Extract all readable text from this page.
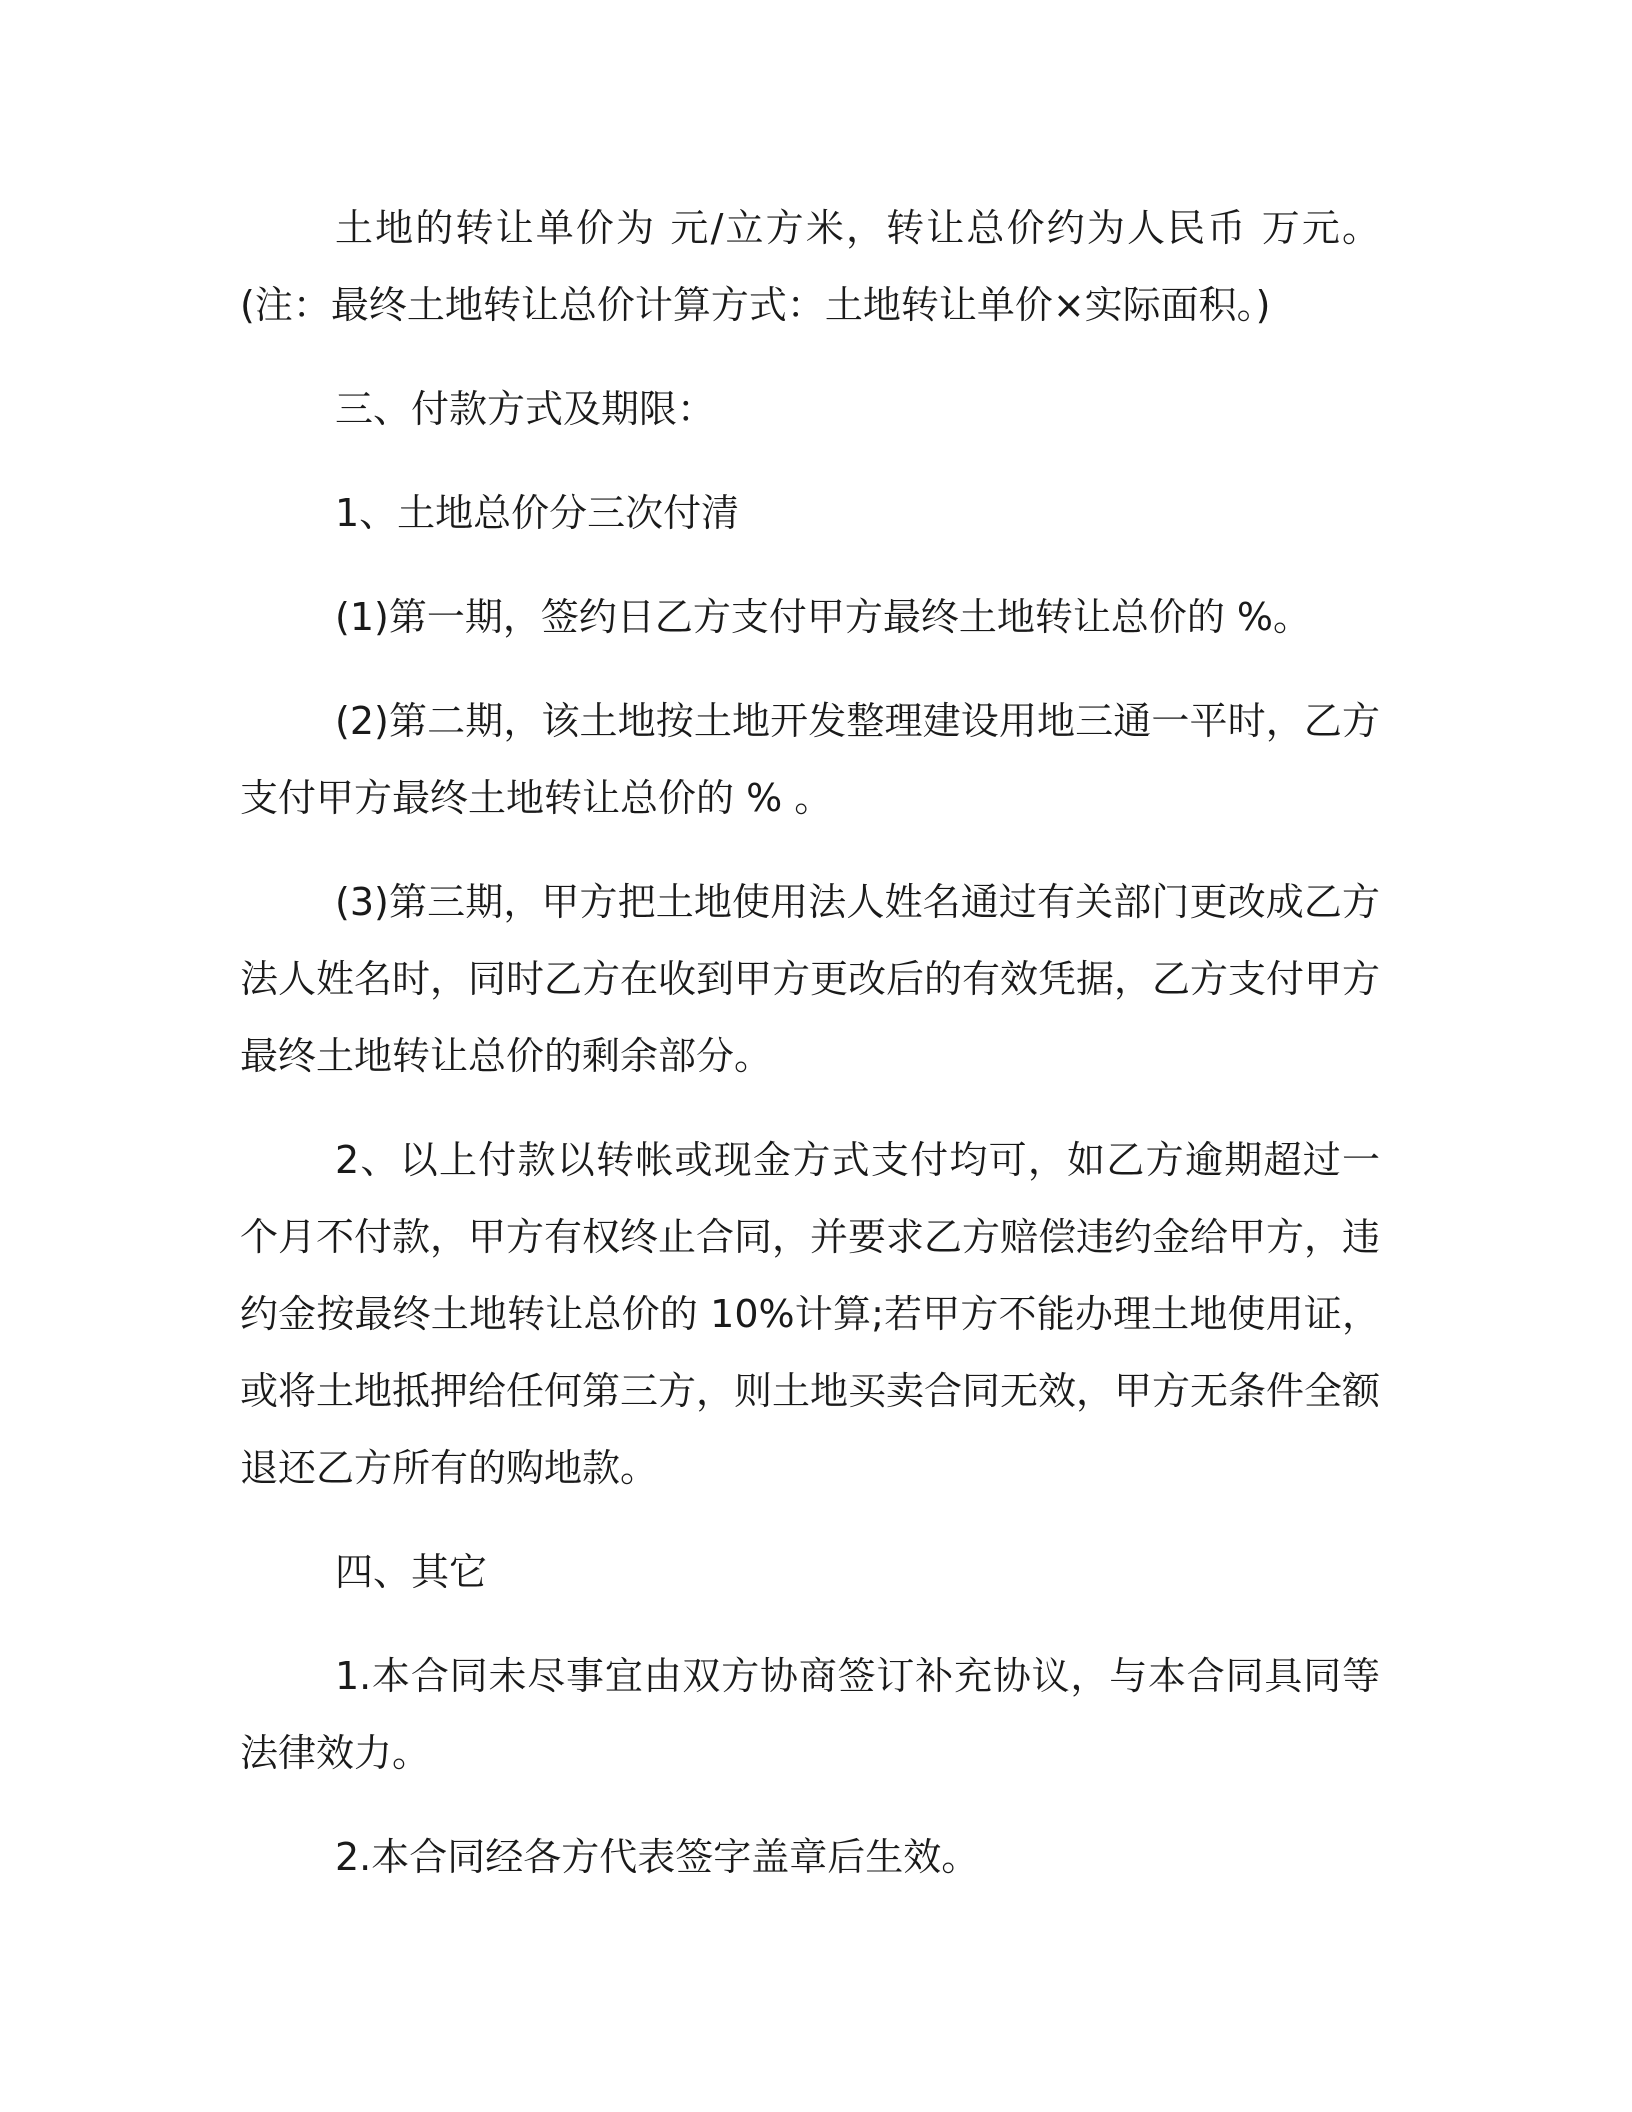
土地的转让单价为 元/立方米，转让总价约为人民币 万元。(注：最终土地转让总价计算方式：土地转让单价×实际面积。)

三、付款方式及期限：

1、土地总价分三次付清

(1)第一期，签约日乙方支付甲方最终土地转让总价的 %。

(2)第二期，该土地按土地开发整理建设用地三通一平时，乙方支付甲方最终土地转让总价的 % 。

(3)第三期，甲方把土地使用法人姓名通过有关部门更改成乙方法人姓名时，同时乙方在收到甲方更改后的有效凭据，乙方支付甲方最终土地转让总价的剩余部分。

2、以上付款以转帐或现金方式支付均可，如乙方逾期超过一个月不付款，甲方有权终止合同，并要求乙方赔偿违约金给甲方，违约金按最终土地转让总价的 10%计算;若甲方不能办理土地使用证，或将土地抵押给任何第三方，则土地买卖合同无效，甲方无条件全额退还乙方所有的购地款。

四、其它

1.本合同未尽事宜由双方协商签订补充协议，与本合同具同等法律效力。

2.本合同经各方代表签字盖章后生效。
